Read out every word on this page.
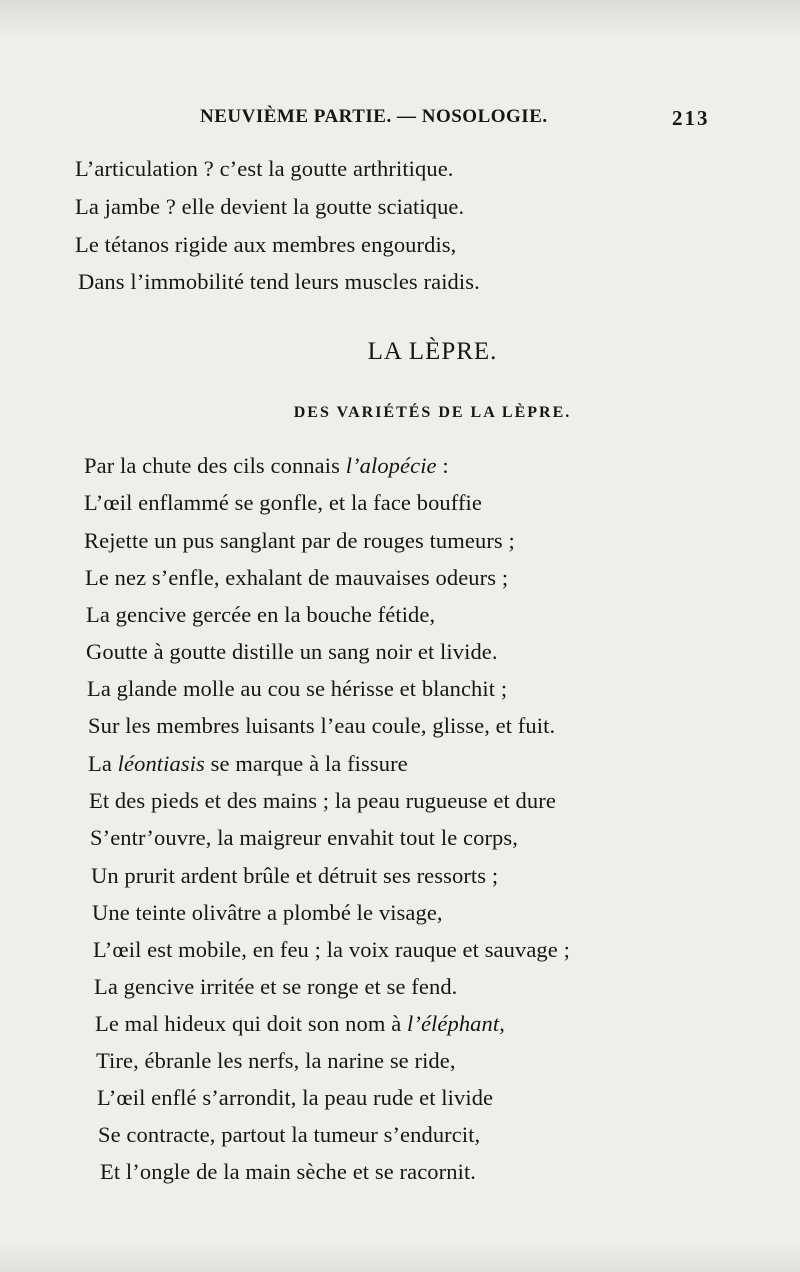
NEUVIÈME PARTIE. — NOSOLOGIE.	213
L’articulation ? c’est la goutte arthritique.
La jambe ? elle devient la goutte sciatique.
Le tétanos rigide aux membres engourdis,
Dans l’immobilité tend leurs muscles raidis.
LA LÈPRE.
DES VARIÉTÉS DE LA LÈPRE.
Par la chute des cils connais l’alopécie :
L’œil enflammé se gonfle, et la face bouffie
Rejette un pus sanglant par de rouges tumeurs ;
Le nez s’enfle, exhalant de mauvaises odeurs ;
La gencive gercée en la bouche fétide,
Goutte à goutte distille un sang noir et livide.
La glande molle au cou se hérisse et blanchit ;
Sur les membres luisants l’eau coule, glisse, et fuit.
La léontiasis se marque à la fissure
Et des pieds et des mains ; la peau rugueuse et dure
S’entr’ouvre, la maigreur envahit tout le corps,
Un prurit ardent brûle et détruit ses ressorts ;
Une teinte olivâtre a plombé le visage,
L’œil est mobile, en feu ; la voix rauque et sauvage ;
La gencive irritée et se ronge et se fend.
Le mal hideux qui doit son nom à l’éléphant,
Tire, ébranle les nerfs, la narine se ride,
L’œil enflé s’arrondit, la peau rude et livide
Se contracte, partout la tumeur s’endurcit,
Et l’ongle de la main sèche et se racornit.
